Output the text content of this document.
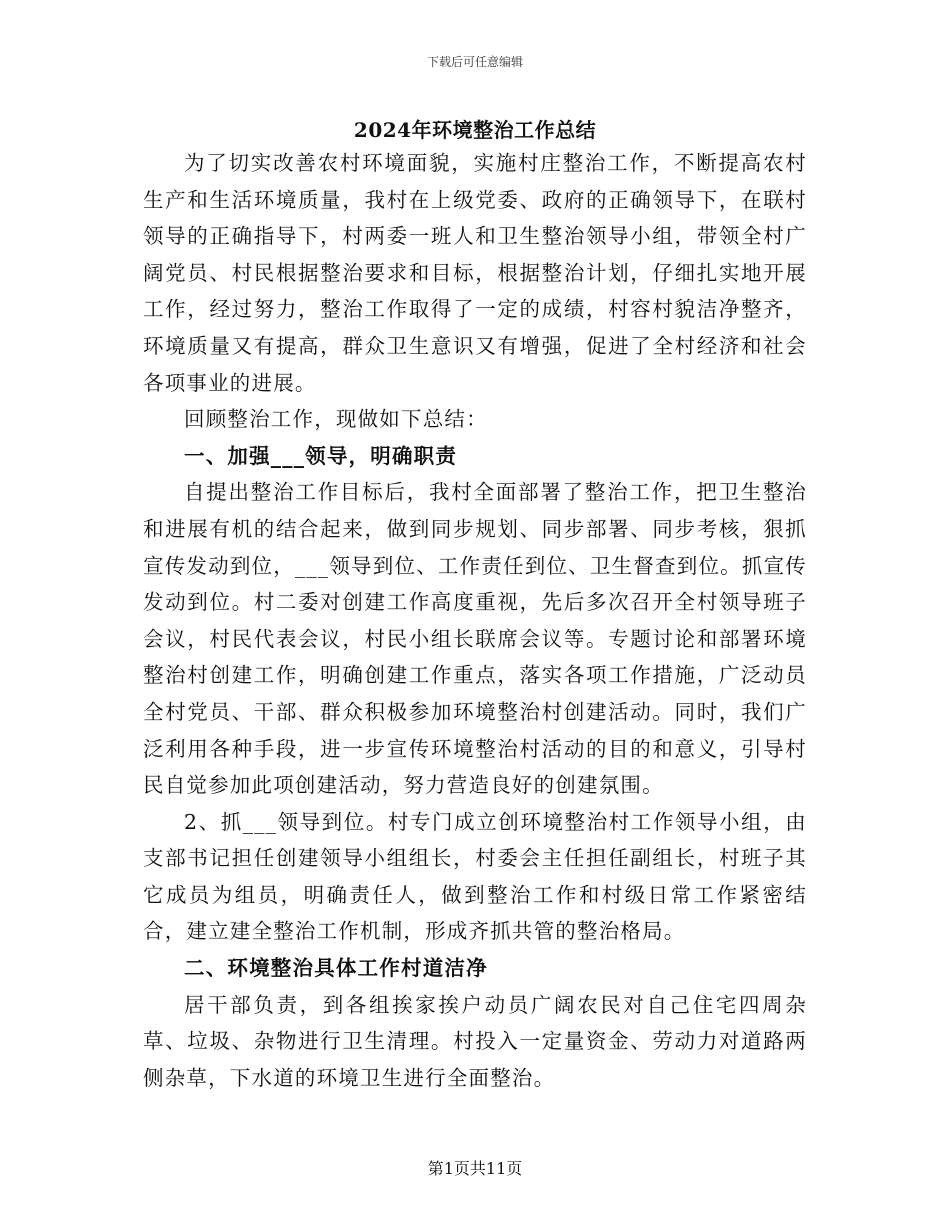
下载后可任意编辑
2024年环境整治工作总结

为了切实改善农村环境面貌，实施村庄整治工作，不断提高农村生产和生活环境质量，我村在上级党委、政府的正确领导下，在联村领导的正确指导下，村两委一班人和卫生整治领导小组，带领全村广阔党员、村民根据整治要求和目标，根据整治计划，仔细扎实地开展工作，经过努力，整治工作取得了一定的成绩，村容村貌洁净整齐，环境质量又有提高，群众卫生意识又有增强，促进了全村经济和社会各项事业的进展。

回顾整治工作，现做如下总结：

一、加强___领导，明确职责

自提出整治工作目标后，我村全面部署了整治工作，把卫生整治和进展有机的结合起来，做到同步规划、同步部署、同步考核，狠抓宣传发动到位，___领导到位、工作责任到位、卫生督查到位。抓宣传发动到位。村二委对创建工作高度重视，先后多次召开全村领导班子会议，村民代表会议，村民小组长联席会议等。专题讨论和部署环境整治村创建工作，明确创建工作重点，落实各项工作措施，广泛动员全村党员、干部、群众积极参加环境整治村创建活动。同时，我们广泛利用各种手段，进一步宣传环境整治村活动的目的和意义，引导村民自觉参加此项创建活动，努力营造良好的创建氛围。

2、抓___领导到位。村专门成立创环境整治村工作领导小组，由支部书记担任创建领导小组组长，村委会主任担任副组长，村班子其它成员为组员，明确责任人，做到整治工作和村级日常工作紧密结合，建立建全整治工作机制，形成齐抓共管的整治格局。

二、环境整治具体工作村道洁净

居干部负责，到各组挨家挨户动员广阔农民对自己住宅四周杂草、垃圾、杂物进行卫生清理。村投入一定量资金、劳动力对道路两侧杂草，下水道的环境卫生进行全面整治。

第1页共11页
